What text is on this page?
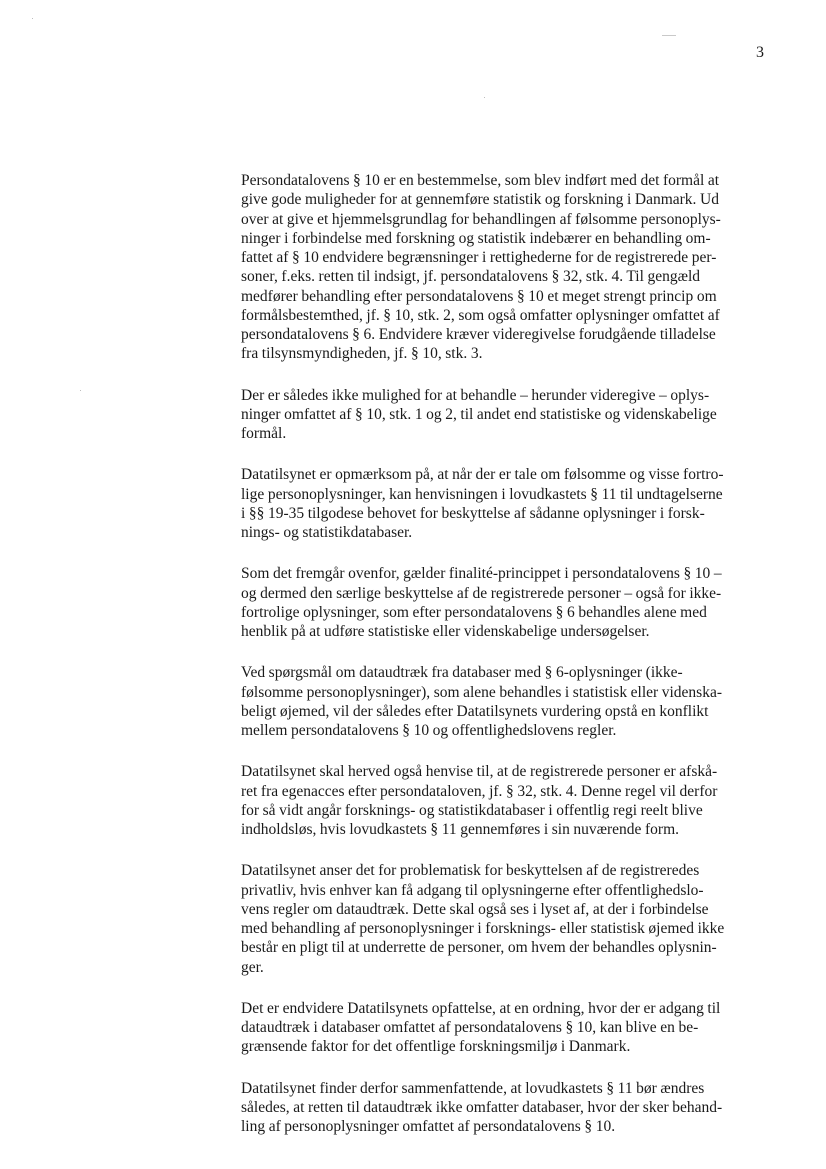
3

Persondatalovens § 10 er en bestemmelse, som blev indført med det formål at
give gode muligheder for at gennemføre statistik og forskning i Danmark. Ud
over at give et hjemmelsgrundlag for behandlingen af følsomme personoplys-
ninger i forbindelse med forskning og statistik indebærer en behandling om-
fattet af § 10 endvidere begrænsninger i rettighederne for de registrerede per-
soner, f.eks. retten til indsigt, jf. persondatalovens § 32, stk. 4. Til gengæld
medfører behandling efter persondatalovens § 10 et meget strengt princip om
formålsbestemthed, jf. § 10, stk. 2, som også omfatter oplysninger omfattet af
persondatalovens § 6. Endvidere kræver videregivelse forudgående tilladelse
fra tilsynsmyndigheden, jf. § 10, stk. 3.

Der er således ikke mulighed for at behandle – herunder videregive – oplys-
ninger omfattet af § 10, stk. 1 og 2, til andet end statistiske og videnskabelige
formål.

Datatilsynet er opmærksom på, at når der er tale om følsomme og visse fortro-
lige personoplysninger, kan henvisningen i lovudkastets § 11 til undtagelserne
i §§ 19-35 tilgodese behovet for beskyttelse af sådanne oplysninger i forsk-
nings- og statistikdatabaser.

Som det fremgår ovenfor, gælder finalité-princippet i persondatalovens § 10 –
og dermed den særlige beskyttelse af de registrerede personer – også for ikke-
fortrolige oplysninger, som efter persondatalovens § 6 behandles alene med
henblik på at udføre statistiske eller videnskabelige undersøgelser.

Ved spørgsmål om dataudtræk fra databaser med § 6-oplysninger (ikke-
følsomme personoplysninger), som alene behandles i statistisk eller videnska-
beligt øjemed, vil der således efter Datatilsynets vurdering opstå en konflikt
mellem persondatalovens § 10 og offentlighedslovens regler.

Datatilsynet skal herved også henvise til, at de registrerede personer er afskå-
ret fra egenacces efter persondataloven, jf. § 32, stk. 4. Denne regel vil derfor
for så vidt angår forsknings- og statistikdatabaser i offentlig regi reelt blive
indholdsløs, hvis lovudkastets § 11 gennemføres i sin nuværende form.

Datatilsynet anser det for problematisk for beskyttelsen af de registreredes
privatliv, hvis enhver kan få adgang til oplysningerne efter offentlighedslo-
vens regler om dataudtræk. Dette skal også ses i lyset af, at der i forbindelse
med behandling af personoplysninger i forsknings- eller statistisk øjemed ikke
består en pligt til at underrette de personer, om hvem der behandles oplysnin-
ger.

Det er endvidere Datatilsynets opfattelse, at en ordning, hvor der er adgang til
dataudtræk i databaser omfattet af persondatalovens § 10, kan blive en be-
grænsende faktor for det offentlige forskningsmiljø i Danmark.

Datatilsynet finder derfor sammenfattende, at lovudkastets § 11 bør ændres
således, at retten til dataudtræk ikke omfatter databaser, hvor der sker behand-
ling af personoplysninger omfattet af persondatalovens § 10.
